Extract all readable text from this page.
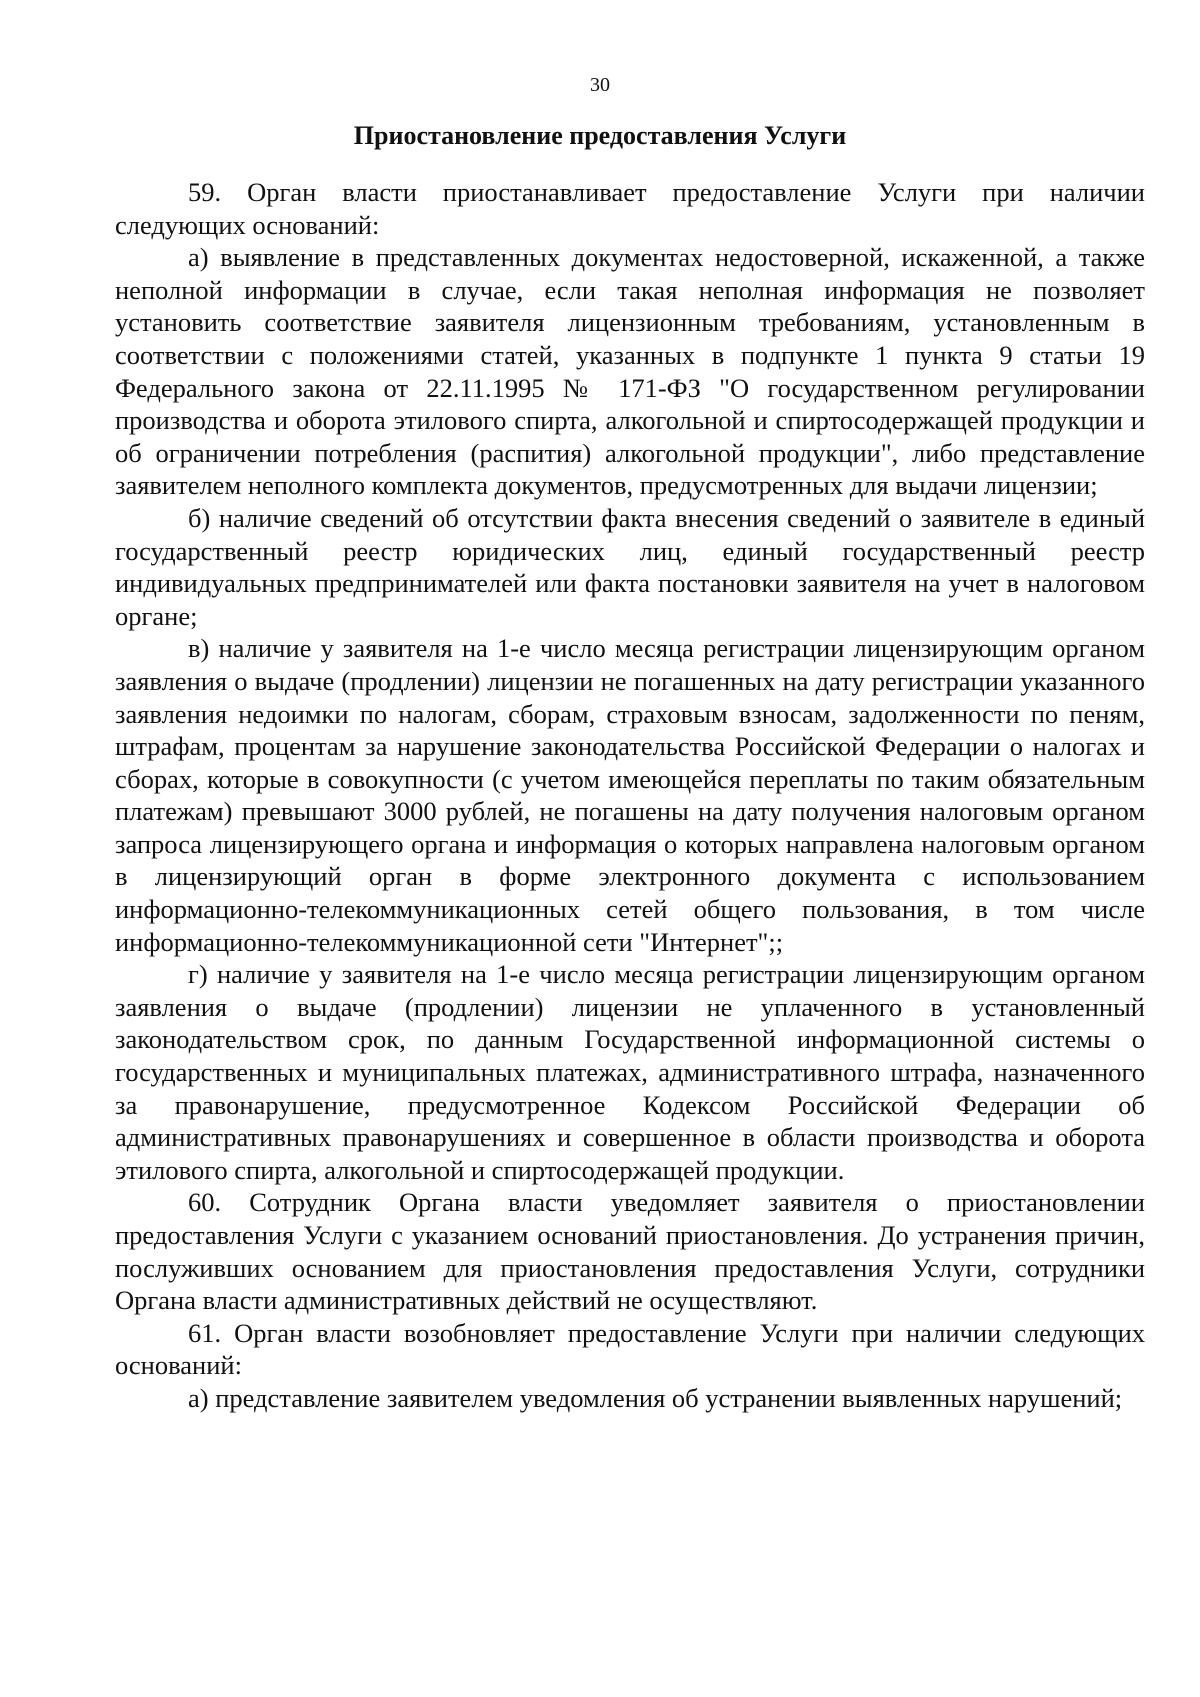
30
Приостановление предоставления Услуги

59. Орган власти приостанавливает предоставление Услуги при наличии следующих оснований:

а) выявление в представленных документах недостоверной, искаженной, а также неполной информации в случае, если такая неполная информация не позволяет установить соответствие заявителя лицензионным требованиям, установленным в соответствии с положениями статей, указанных в подпункте 1 пункта 9 статьи 19 Федерального закона от 22.11.1995 № 171-ФЗ "О государственном регулировании производства и оборота этилового спирта, алкогольной и спиртосодержащей продукции и об ограничении потребления (распития) алкогольной продукции", либо представление заявителем неполного комплекта документов, предусмотренных для выдачи лицензии;

б) наличие сведений об отсутствии факта внесения сведений о заявителе в единый государственный реестр юридических лиц, единый государственный реестр индивидуальных предпринимателей или факта постановки заявителя на учет в налоговом органе;

в) наличие у заявителя на 1-е число месяца регистрации лицензирующим органом заявления о выдаче (продлении) лицензии не погашенных на дату регистрации указанного заявления недоимки по налогам, сборам, страховым взносам, задолженности по пеням, штрафам, процентам за нарушение законодательства Российской Федерации о налогах и сборах, которые в совокупности (с учетом имеющейся переплаты по таким обязательным платежам) превышают 3000 рублей, не погашены на дату получения налоговым органом запроса лицензирующего органа и информация о которых направлена налоговым органом в лицензирующий орган в форме электронного документа с использованием информационно-телекоммуникационных сетей общего пользования, в том числе информационно-телекоммуникационной сети "Интернет";;

г) наличие у заявителя на 1-е число месяца регистрации лицензирующим органом заявления о выдаче (продлении) лицензии не уплаченного в установленный законодательством срок, по данным Государственной информационной системы о государственных и муниципальных платежах, административного штрафа, назначенного за правонарушение, предусмотренное Кодексом Российской Федерации об административных правонарушениях и совершенное в области производства и оборота этилового спирта, алкогольной и спиртосодержащей продукции.

60. Сотрудник Органа власти уведомляет заявителя о приостановлении предоставления Услуги с указанием оснований приостановления. До устранения причин, послуживших основанием для приостановления предоставления Услуги, сотрудники Органа власти административных действий не осуществляют.

61. Орган власти возобновляет предоставление Услуги при наличии следующих оснований:

а) представление заявителем уведомления об устранении выявленных нарушений;
